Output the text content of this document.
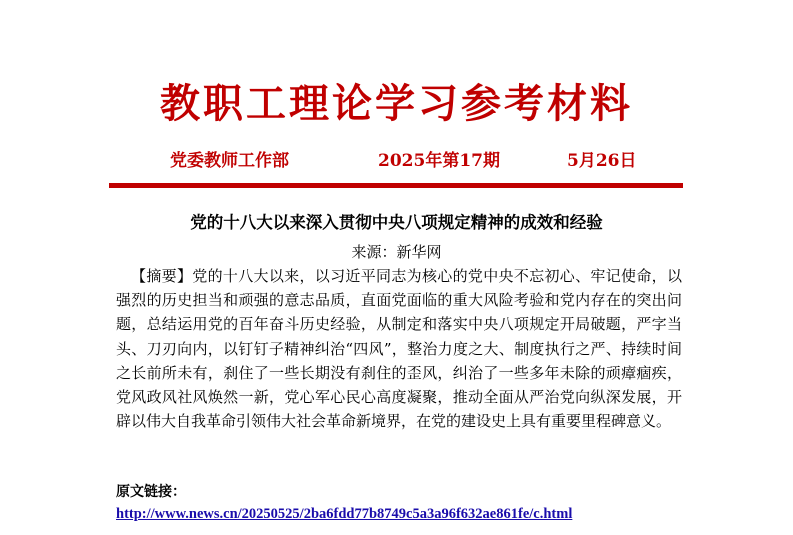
教职工理论学习参考材料
党委教师工作部	2025年第17期	5月26日
党的十八大以来深入贯彻中央八项规定精神的成效和经验
来源：新华网

【摘要】党的十八大以来，以习近平同志为核心的党中央不忘初心、牢记使命，以强烈的历史担当和顽强的意志品质，直面党面临的重大风险考验和党内存在的突出问题，总结运用党的百年奋斗历史经验，从制定和落实中央八项规定开局破题，严字当头、刀刃向内，以钉钉子精神纠治“四风”，整治力度之大、制度执行之严、持续时间之长前所未有，刹住了一些长期没有刹住的歪风，纠治了一些多年未除的顽瘴痼疾，党风政风社风焕然一新，党心军心民心高度凝聚，推动全面从严治党向纵深发展，开辟以伟大自我革命引领伟大社会革命新境界，在党的建设史上具有重要里程碑意义。

原文链接：
http://www.news.cn/20250525/2ba6fdd77b8749c5a3a96f632ae861fe/c.html
